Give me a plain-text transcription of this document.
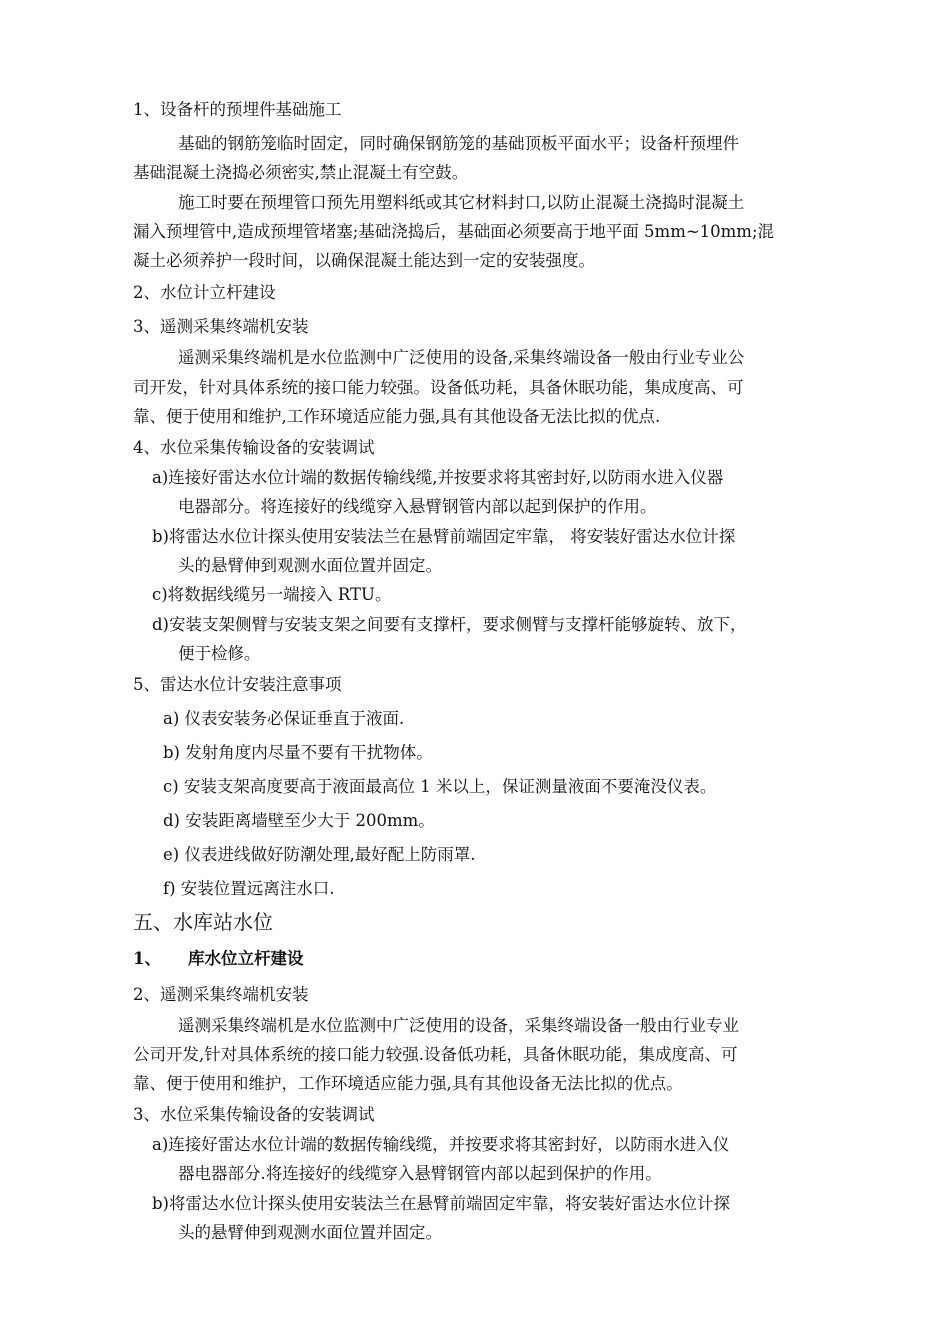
1、设备杆的预埋件基础施工
基础的钢筋笼临时固定，同时确保钢筋笼的基础顶板平面水平；设备杆预埋件
基础混凝土浇捣必须密实,禁止混凝土有空鼓。
施工时要在预埋管口预先用塑料纸或其它材料封口,以防止混凝土浇捣时混凝土
漏入预埋管中,造成预埋管堵塞;基础浇捣后，基础面必须要高于地平面 5mm~10mm;混
凝土必须养护一段时间，以确保混凝土能达到一定的安装强度。
2、水位计立杆建设
3、遥测采集终端机安装
遥测采集终端机是水位监测中广泛使用的设备,采集终端设备一般由行业专业公
司开发，针对具体系统的接口能力较强。设备低功耗，具备休眠功能，集成度高、可
靠、便于使用和维护,工作环境适应能力强,具有其他设备无法比拟的优点.
4、水位采集传输设备的安装调试
a)连接好雷达水位计端的数据传输线缆,并按要求将其密封好,以防雨水进入仪器
电器部分。将连接好的线缆穿入悬臂钢管内部以起到保护的作用。
b)将雷达水位计探头使用安装法兰在悬臂前端固定牢靠， 将安装好雷达水位计探
头的悬臂伸到观测水面位置并固定。
c)将数据线缆另一端接入 RTU。
d)安装支架侧臂与安装支架之间要有支撑杆，要求侧臂与支撑杆能够旋转、放下，
便于检修。
5、雷达水位计安装注意事项
a) 仪表安装务必保证垂直于液面.
b) 发射角度内尽量不要有干扰物体。
c) 安装支架高度要高于液面最高位 1 米以上，保证测量液面不要淹没仪表。
d) 安装距离墙壁至少大于 200mm。
e) 仪表进线做好防潮处理,最好配上防雨罩.
f) 安装位置远离注水口.
五、水库站水位
1、 库水位立杆建设
2、遥测采集终端机安装
遥测采集终端机是水位监测中广泛使用的设备，采集终端设备一般由行业专业
公司开发,针对具体系统的接口能力较强.设备低功耗，具备休眠功能，集成度高、可
靠、便于使用和维护，工作环境适应能力强,具有其他设备无法比拟的优点。
3、水位采集传输设备的安装调试
a)连接好雷达水位计端的数据传输线缆，并按要求将其密封好，以防雨水进入仪
器电器部分.将连接好的线缆穿入悬臂钢管内部以起到保护的作用。
b)将雷达水位计探头使用安装法兰在悬臂前端固定牢靠，将安装好雷达水位计探
头的悬臂伸到观测水面位置并固定。
